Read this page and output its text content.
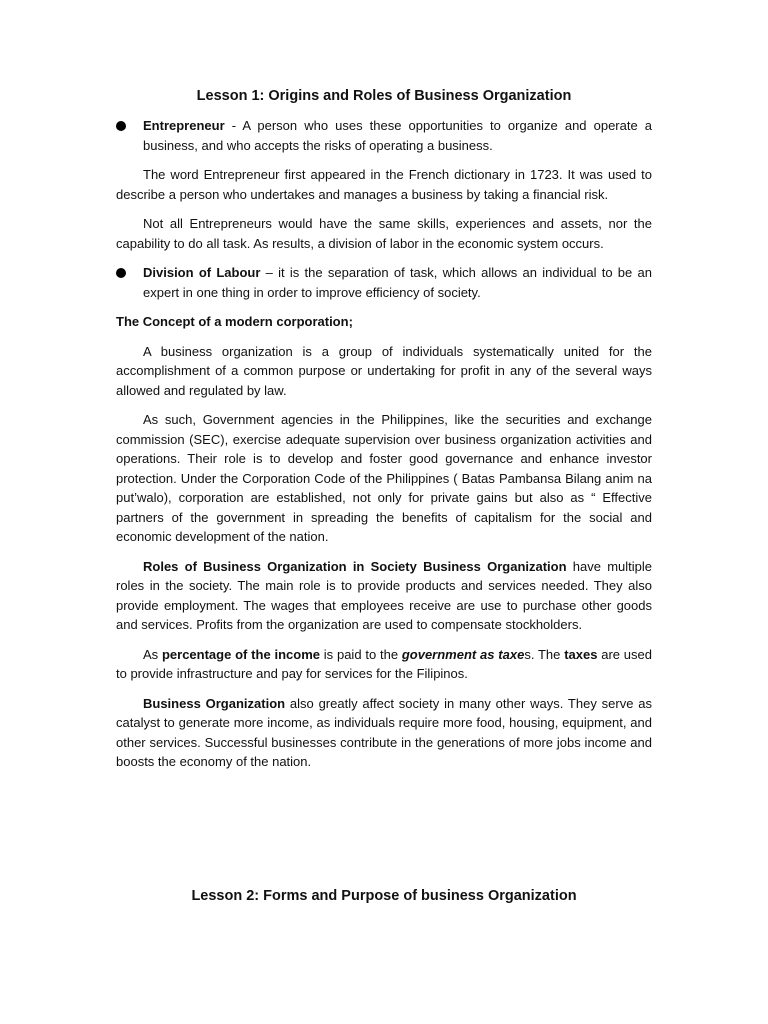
Lesson 1: Origins and Roles of Business Organization
Entrepreneur - A person who uses these opportunities to organize and operate a business, and who accepts the risks of operating a business.

The word Entrepreneur first appeared in the French dictionary in 1723. It was used to describe a person who undertakes and manages a business by taking a financial risk.

Not all Entrepreneurs would have the same skills, experiences and assets, nor the capability to do all task. As results, a division of labor in the economic system occurs.

Division of Labour – it is the separation of task, which allows an individual to be an expert in one thing in order to improve efficiency of society.

The Concept of a modern corporation;

A business organization is a group of individuals systematically united for the accomplishment of a common purpose or undertaking for profit in any of the several ways allowed and regulated by law.

As such, Government agencies in the Philippines, like the securities and exchange commission (SEC), exercise adequate supervision over business organization activities and operations. Their role is to develop and foster good governance and enhance investor protection. Under the Corporation Code of the Philippines ( Batas Pambansa Bilang anim na put’walo), corporation are established, not only for private gains but also as “ Effective partners of the government in spreading the benefits of capitalism for the social and economic development of the nation.

Roles of Business Organization in Society Business Organization have multiple roles in the society. The main role is to provide products and services needed. They also provide employment. The wages that employees receive are use to purchase other goods and services. Profits from the organization are used to compensate stockholders.

As percentage of the income is paid to the government as taxes. The taxes are used to provide infrastructure and pay for services for the Filipinos.

Business Organization also greatly affect society in many other ways. They serve as catalyst to generate more income, as individuals require more food, housing, equipment, and other services. Successful businesses contribute in the generations of more jobs income and boosts the economy of the nation.

Lesson 2: Forms and Purpose of business Organization
